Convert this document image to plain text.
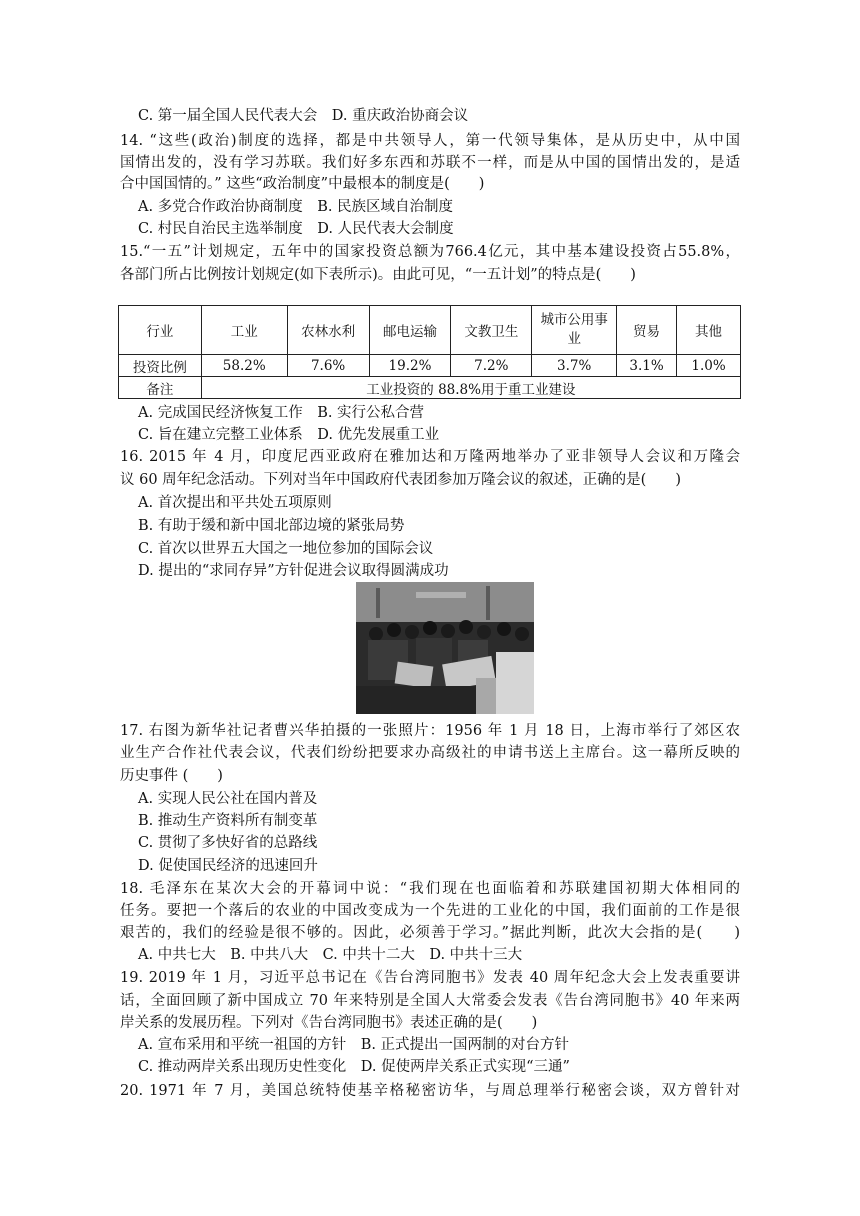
C. 第一届全国人民代表大会　D. 重庆政治协商会议
14. “这些(政治)制度的选择，都是中共领导人，第一代领导集体，是从历史中，从中国
国情出发的，没有学习苏联。我们好多东西和苏联不一样，而是从中国的国情出发的，是适
合中国国情的。” 这些“政治制度”中最根本的制度是(　　)
A. 多党合作政治协商制度　B. 民族区域自治制度
C. 村民自治民主选举制度　D. 人民代表大会制度
15.“一五”计划规定，五年中的国家投资总额为766.4亿元，其中基本建设投资占55.8%，
各部门所占比例按计划规定(如下表所示)。由此可见，“一五计划”的特点是(　　)
行业	工业	农林水利	邮电运输	文教卫生	城市公用事业	贸易	其他
投资比例	58.2%	7.6%	19.2%	7.2%	3.7%	3.1%	1.0%
备注	工业投资的 88.8%用于重工业建设						
A. 完成国民经济恢复工作　B. 实行公私合营
C. 旨在建立完整工业体系　D. 优先发展重工业
16. 2015 年 4 月，印度尼西亚政府在雅加达和万隆两地举办了亚非领导人会议和万隆会
议 60 周年纪念活动。下列对当年中国政府代表团参加万隆会议的叙述，正确的是(　　)
A. 首次提出和平共处五项原则
B. 有助于缓和新中国北部边境的紧张局势
C. 首次以世界五大国之一地位参加的国际会议
D. 提出的“求同存异”方针促进会议取得圆满成功
17. 右图为新华社记者曹兴华拍摄的一张照片：1956 年 1 月 18 日，上海市举行了郊区农
业生产合作社代表会议，代表们纷纷把要求办高级社的申请书送上主席台。这一幕所反映的
历史事件 (　　)
A. 实现人民公社在国内普及
B. 推动生产资料所有制变革
C. 贯彻了多快好省的总路线
D. 促使国民经济的迅速回升
18. 毛泽东在某次大会的开幕词中说：“我们现在也面临着和苏联建国初期大体相同的
任务。要把一个落后的农业的中国改变成为一个先进的工业化的中国，我们面前的工作是很
艰苦的，我们的经验是很不够的。因此，必须善于学习。”据此判断，此次大会指的是(　　)
A. 中共七大　B. 中共八大　C. 中共十二大　D. 中共十三大
19. 2019 年 1 月，习近平总书记在《告台湾同胞书》发表 40 周年纪念大会上发表重要讲
话，全面回顾了新中国成立 70 年来特别是全国人大常委会发表《告台湾同胞书》40 年来两
岸关系的发展历程。下列对《告台湾同胞书》表述正确的是(　　)
A. 宣布采用和平统一祖国的方针　B. 正式提出一国两制的对台方针
C. 推动两岸关系出现历史性变化　D. 促使两岸关系正式实现“三通”
20. 1971 年 7 月，美国总统特使基辛格秘密访华，与周总理举行秘密会谈，双方曾针对
